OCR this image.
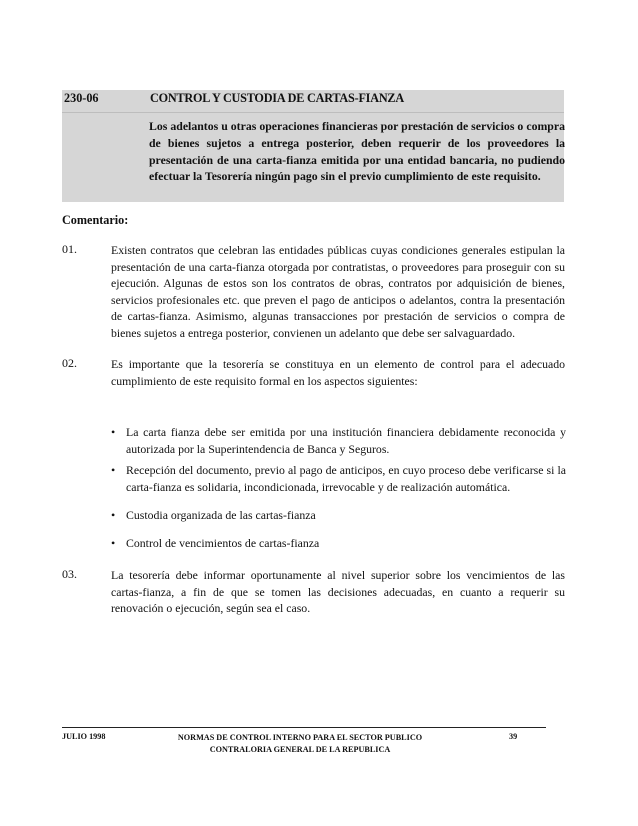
230-06	CONTROL Y CUSTODIA DE CARTAS-FIANZA
Los adelantos u otras operaciones financieras por prestación de servicios o compra de bienes sujetos a entrega posterior, deben requerir de los proveedores la presentación de una carta-fianza emitida por una entidad bancaria, no pudiendo efectuar la Tesorería ningún pago sin el previo cumplimiento de este requisito.
Comentario:
01.	Existen contratos que celebran las entidades públicas cuyas condiciones generales estipulan la presentación de una carta-fianza otorgada por contratistas, o proveedores para proseguir con su ejecución. Algunas de estos son los contratos de obras, contratos por adquisición de bienes, servicios profesionales etc. que preven el pago de anticipos o adelantos, contra la presentación de cartas-fianza. Asimismo, algunas transacciones por prestación de servicios o compra de bienes sujetos a entrega posterior, convienen un adelanto que debe ser salvaguardado.
02.	Es importante que la tesorería se constituya en un elemento de control para el adecuado cumplimiento de este requisito formal en los aspectos siguientes:
• La carta fianza debe ser emitida por una institución financiera debidamente reconocida y autorizada por la Superintendencia de Banca y Seguros.
• Recepción del documento, previo al pago de anticipos, en cuyo proceso debe verificarse si la carta-fianza es solidaria, incondicionada, irrevocable y de realización automática.
• Custodia organizada de las cartas-fianza
• Control de vencimientos de cartas-fianza
03.	La tesorería debe informar oportunamente al nivel superior sobre los vencimientos de las cartas-fianza, a fin de que se tomen las decisiones adecuadas, en cuanto a requerir su renovación o ejecución, según sea el caso.
JULIO 1998	NORMAS DE CONTROL INTERNO PARA EL SECTOR PUBLICO
CONTRALORIA GENERAL DE LA REPUBLICA
39
